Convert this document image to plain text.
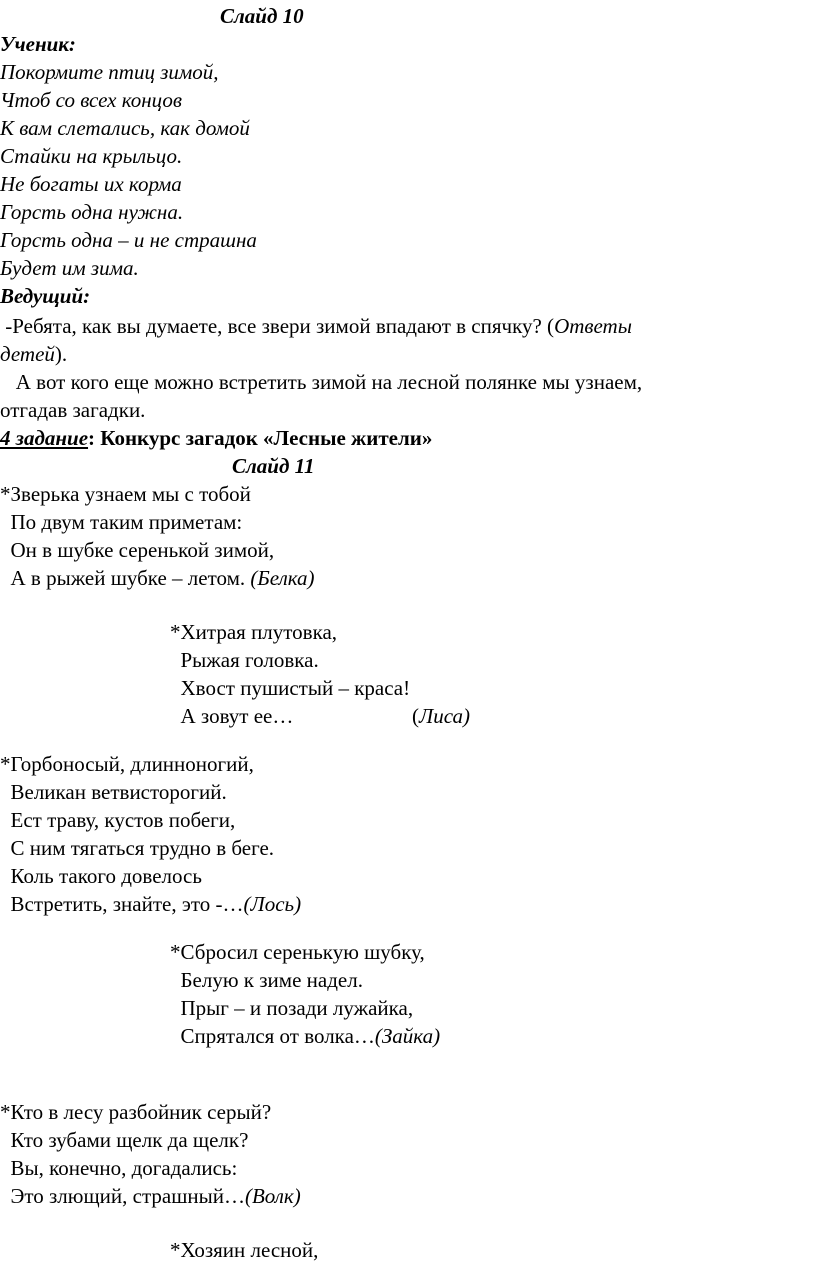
Слайд 10
Ученик:
Покормите птиц зимой,
Чтоб со всех концов
К вам слетались, как домой
Стайки на крыльцо.
Не богаты их корма
Горсть одна нужна.
Горсть одна – и не страшна
Будет им зима.
Ведущий:
-Ребята, как вы думаете, все звери зимой впадают в спячку? (Ответы
детей).
А вот кого еще можно встретить зимой на лесной полянке мы узнаем,
отгадав загадки.
4 задание: Конкурс загадок «Лесные жители»
Слайд 11
*Зверька узнаем мы с тобой
По двум таким приметам:
Он в шубке серенькой зимой,
А в рыжей шубке – летом. (Белка)
*Хитрая плутовка,
Рыжая головка.
Хвост пушистый – краса!
А зовут ее…	(Лиса)
*Горбоносый, длинноногий,
Великан ветвисторогий.
Ест траву, кустов побеги,
С ним тягаться трудно в беге.
Коль такого довелось
Встретить, знайте, это -…(Лось)
*Сбросил серенькую шубку,
Белую к зиме надел.
Прыг – и позади лужайка,
Спрятался от волка…(Зайка)
*Кто в лесу разбойник серый?
Кто зубами щелк да щелк?
Вы, конечно, догадались:
Это злющий, страшный…(Волк)
*Хозяин лесной,
